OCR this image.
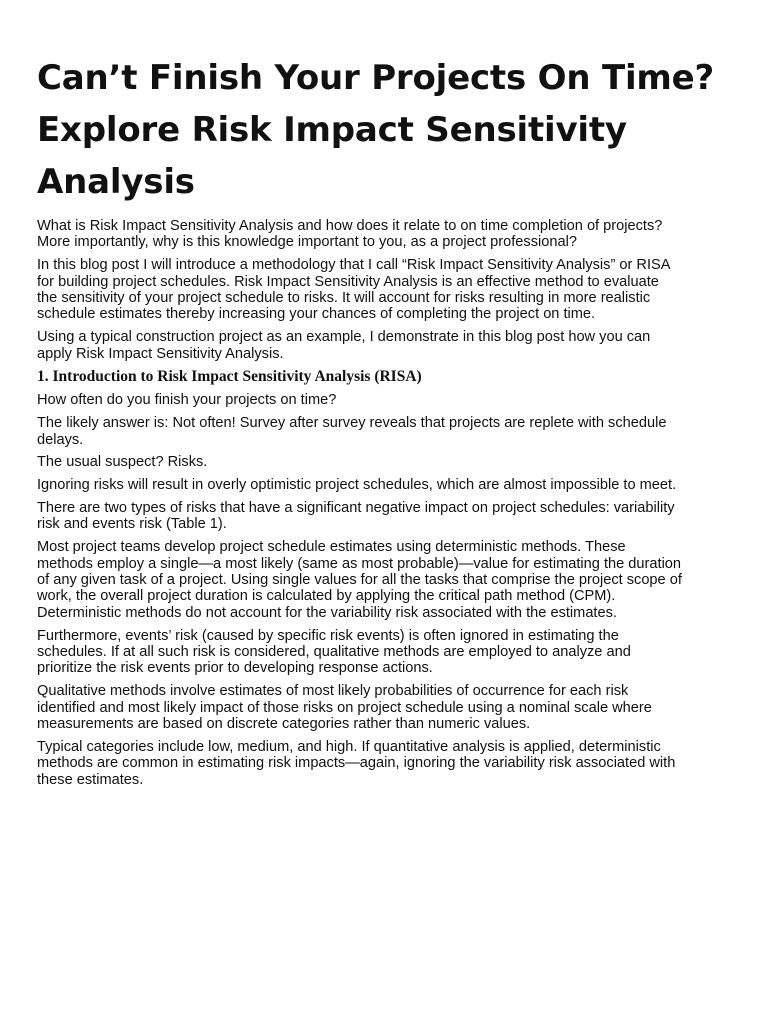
Can’t Finish Your Projects On Time?
Explore Risk Impact Sensitivity
Analysis

What is Risk Impact Sensitivity Analysis and how does it relate to on time completion of projects?
More importantly, why is this knowledge important to you, as a project professional?

In this blog post I will introduce a methodology that I call “Risk Impact Sensitivity Analysis” or RISA
for building project schedules. Risk Impact Sensitivity Analysis is an effective method to evaluate
the sensitivity of your project schedule to risks. It will account for risks resulting in more realistic
schedule estimates thereby increasing your chances of completing the project on time.

Using a typical construction project as an example, I demonstrate in this blog post how you can
apply Risk Impact Sensitivity Analysis.

1. Introduction to Risk Impact Sensitivity Analysis (RISA)

How often do you finish your projects on time?

The likely answer is: Not often! Survey after survey reveals that projects are replete with schedule
delays.

The usual suspect? Risks.

Ignoring risks will result in overly optimistic project schedules, which are almost impossible to meet.

There are two types of risks that have a significant negative impact on project schedules: variability
risk and events risk (Table 1).

Most project teams develop project schedule estimates using deterministic methods. These
methods employ a single—a most likely (same as most probable)—value for estimating the duration
of any given task of a project. Using single values for all the tasks that comprise the project scope of
work, the overall project duration is calculated by applying the critical path method (CPM).
Deterministic methods do not account for the variability risk associated with the estimates.

Furthermore, events’ risk (caused by specific risk events) is often ignored in estimating the
schedules. If at all such risk is considered, qualitative methods are employed to analyze and
prioritize the risk events prior to developing response actions.

Qualitative methods involve estimates of most likely probabilities of occurrence for each risk
identified and most likely impact of those risks on project schedule using a nominal scale where
measurements are based on discrete categories rather than numeric values.

Typical categories include low, medium, and high. If quantitative analysis is applied, deterministic
methods are common in estimating risk impacts—again, ignoring the variability risk associated with
these estimates.
